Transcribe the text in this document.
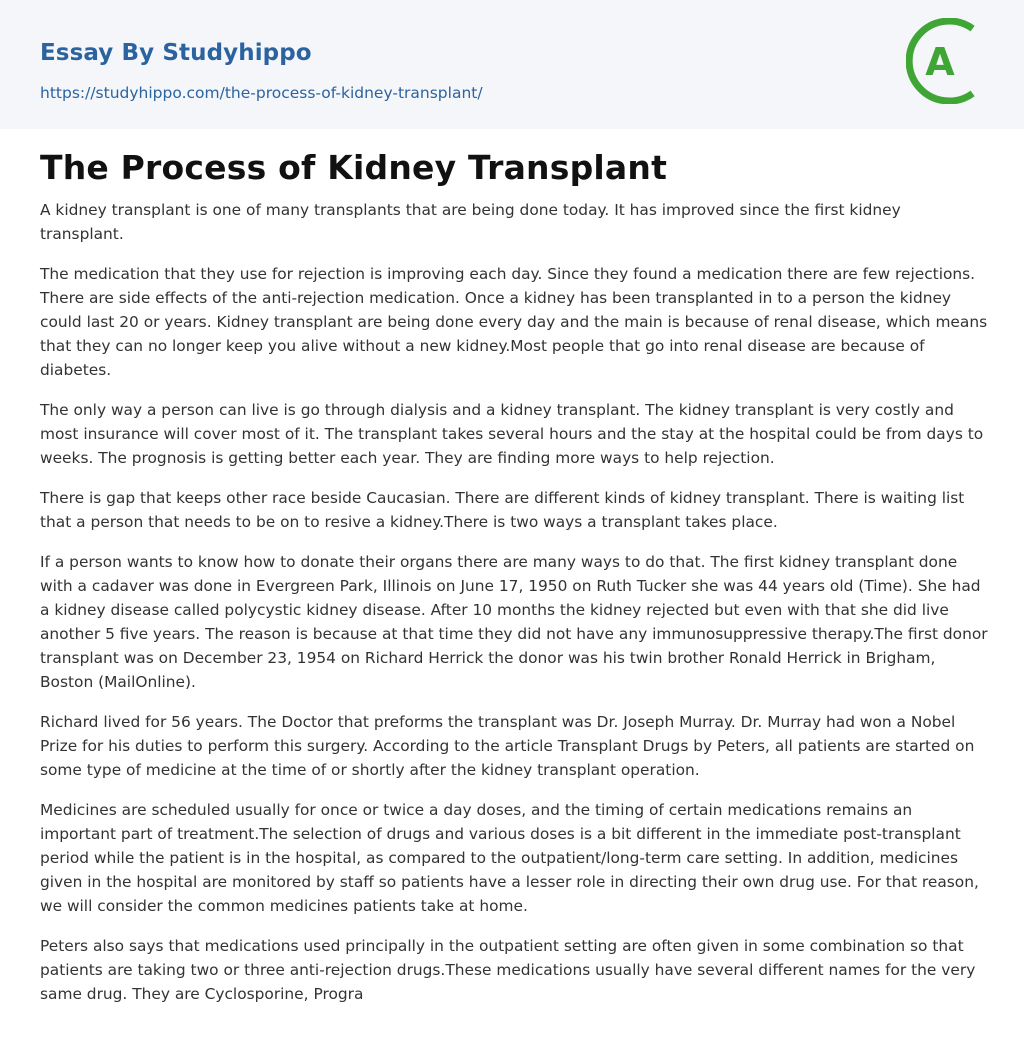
Essay By Studyhippo
https://studyhippo.com/the-process-of-kidney-transplant/
A
The Process of Kidney Transplant

A kidney transplant is one of many transplants that are being done today. It has improved since the first kidney transplant.

The medication that they use for rejection is improving each day. Since they found a medication there are few rejections. There are side effects of the anti-rejection medication. Once a kidney has been transplanted in to a person the kidney could last 20 or years. Kidney transplant are being done every day and the main is because of renal disease, which means that they can no longer keep you alive without a new kidney.Most people that go into renal disease are because of diabetes.

The only way a person can live is go through dialysis and a kidney transplant. The kidney transplant is very costly and most insurance will cover most of it. The transplant takes several hours and the stay at the hospital could be from days to weeks. The prognosis is getting better each year. They are finding more ways to help rejection.

There is gap that keeps other race beside Caucasian. There are different kinds of kidney transplant. There is waiting list that a person that needs to be on to resive a kidney.There is two ways a transplant takes place.

If a person wants to know how to donate their organs there are many ways to do that. The first kidney transplant done with a cadaver was done in Evergreen Park, Illinois on June 17, 1950 on Ruth Tucker she was 44 years old (Time). She had a kidney disease called polycystic kidney disease. After 10 months the kidney rejected but even with that she did live another 5 five years. The reason is because at that time they did not have any immunosuppressive therapy.The first donor transplant was on December 23, 1954 on Richard Herrick the donor was his twin brother Ronald Herrick in Brigham, Boston (MailOnline).

Richard lived for 56 years. The Doctor that preforms the transplant was Dr. Joseph Murray. Dr. Murray had won a Nobel Prize for his duties to perform this surgery. According to the article Transplant Drugs by Peters, all patients are started on some type of medicine at the time of or shortly after the kidney transplant operation.

Medicines are scheduled usually for once or twice a day doses, and the timing of certain medications remains an important part of treatment.The selection of drugs and various doses is a bit different in the immediate post-transplant period while the patient is in the hospital, as compared to the outpatient/long-term care setting. In addition, medicines given in the hospital are monitored by staff so patients have a lesser role in directing their own drug use. For that reason, we will consider the common medicines patients take at home.

Peters also says that medications used principally in the outpatient setting are often given in some combination so that patients are taking two or three anti-rejection drugs.These medications usually have several different names for the very same drug. They are Cyclosporine, Progra
